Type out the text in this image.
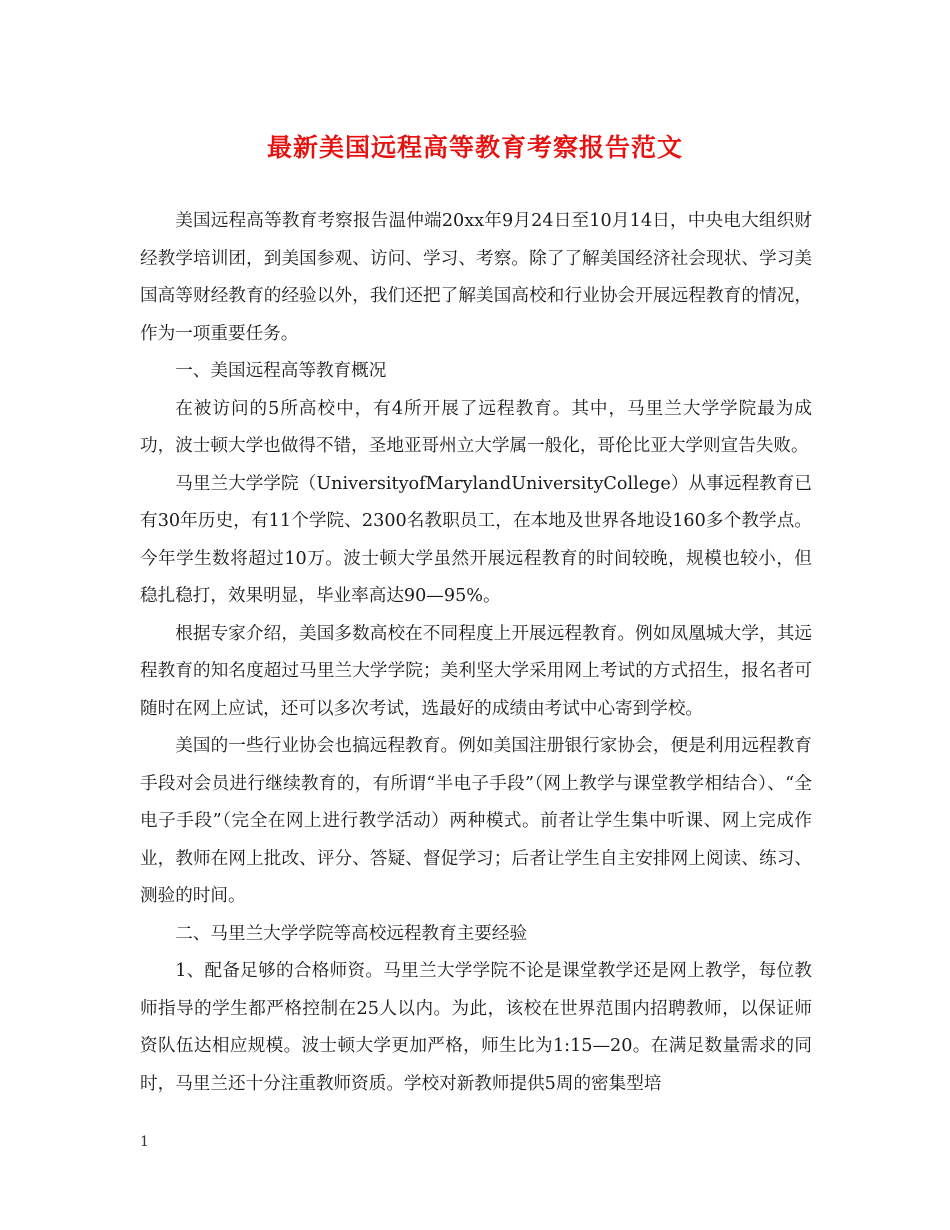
最新美国远程高等教育考察报告范文

美国远程高等教育考察报告温仲端20xx年9月24日至10月14日，中央电大组织财经教学培训团，到美国参观、访问、学习、考察。除了了解美国经济社会现状、学习美国高等财经教育的经验以外，我们还把了解美国高校和行业协会开展远程教育的情况，作为一项重要任务。

一、美国远程高等教育概况

在被访问的5所高校中，有4所开展了远程教育。其中，马里兰大学学院最为成功，波士顿大学也做得不错，圣地亚哥州立大学属一般化，哥伦比亚大学则宣告失败。

马里兰大学学院（UniversityofMarylandUniversityCollege）从事远程教育已有30年历史，有11个学院、2300名教职员工，在本地及世界各地设160多个教学点。今年学生数将超过10万。波士顿大学虽然开展远程教育的时间较晚，规模也较小，但稳扎稳打，效果明显，毕业率高达90—95%。

根据专家介绍，美国多数高校在不同程度上开展远程教育。例如凤凰城大学，其远程教育的知名度超过马里兰大学学院；美利坚大学采用网上考试的方式招生，报名者可随时在网上应试，还可以多次考试，选最好的成绩由考试中心寄到学校。

美国的一些行业协会也搞远程教育。例如美国注册银行家协会，便是利用远程教育手段对会员进行继续教育的，有所谓“半电子手段”（网上教学与课堂教学相结合）、“全电子手段”（完全在网上进行教学活动）两种模式。前者让学生集中听课、网上完成作业，教师在网上批改、评分、答疑、督促学习；后者让学生自主安排网上阅读、练习、测验的时间。

二、马里兰大学学院等高校远程教育主要经验

1、配备足够的合格师资。马里兰大学学院不论是课堂教学还是网上教学，每位教师指导的学生都严格控制在25人以内。为此，该校在世界范围内招聘教师，以保证师资队伍达相应规模。波士顿大学更加严格，师生比为1:15—20。在满足数量需求的同时，马里兰还十分注重教师资质。学校对新教师提供5周的密集型培

1
